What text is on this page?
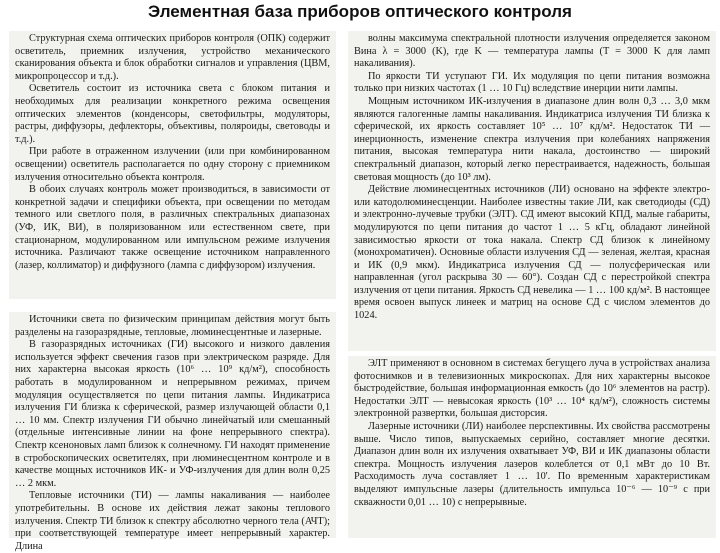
Элементная база приборов оптического контроля

Структурная схема оптических приборов контроля (ОПК) содержит осветитель, приемник излучения, устройство механического сканирования объекта и блок обработки сигналов и управления (ЦВМ, микропроцессор и т.д.).

Осветитель состоит из источника света с блоком питания и необходимых для реализации конкретного режима освещения оптических элементов (конденсоры, светофильтры, модуляторы, растры, диффузоры, дефлекторы, объективы, поляроиды, световоды и т.д.).

При работе в отраженном излучении (или при комбинированном освещении) осветитель располагается по одну сторону с приемником излучения относительно объекта контроля.

В обоих случаях контроль может производиться, в зависимости от конкретной задачи и специфики объекта, при освещении по методам темного или светлого поля, в различных спектральных диапазонах (УФ, ИК, ВИ), в поляризованном или естественном свете, при стационарном, модулированном или импульсном режиме излучения источника. Различают также освещение источником направленного (лазер, коллиматор) и диффузного (лампа с диффузором) излучения.

Источники света по физическим принципам действия могут быть разделены на газоразрядные, тепловые, люминесцентные и лазерные.

В газоразрядных источниках (ГИ) высокого и низкого давления используется эффект свечения газов при электрическом разряде. Для них характерна высокая яркость (10⁶ … 10⁹ кд/м²), способность работать в модулированном и непрерывном режимах, причем модуляция осуществляется по цепи питания лампы. Индикатриса излучения ГИ близка к сферической, размер излучающей области 0,1 … 10 мм. Спектр излучения ГИ обычно линейчатый или смешанный (отдельные интенсивные линии на фоне непрерывного спектра). Спектр ксеноновых ламп близок к солнечному. ГИ находят применение в стробоскопических осветителях, при люминесцентном контроле и в качестве мощных источников ИК- и УФ-излучения для длин волн 0,25 … 2 мкм.

Тепловые источники (ТИ) — лампы накаливания — наиболее употребительны. В основе их действия лежат законы теплового излучения. Спектр ТИ близок к спектру абсолютно черного тела (АЧТ); при соответствующей температуре имеет непрерывный характер. Длина

волны максимума спектральной плотности излучения определяется законом Вина λ = 3000 (K), где K — температура лампы (T = 3000 K для ламп накаливания).

По яркости ТИ уступают ГИ. Их модуляция по цепи питания возможна только при низких частотах (1 … 10 Гц) вследствие инерции нити лампы.

Мощным источником ИК-излучения в диапазоне длин волн 0,3 … 3,0 мкм являются галогенные лампы накаливания. Индикатриса излучения ТИ близка к сферической, их яркость составляет 10⁵ … 10⁷ кд/м². Недостаток ТИ — инерционность, изменение спектра излучения при колебаниях напряжения питания, высокая температура нити накала, достоинство — широкий спектральный диапазон, который легко перестраивается, надежность, большая световая мощность (до 10³ лм).

Действие люминесцентных источников (ЛИ) основано на эффекте электро- или катодолюминесценции. Наиболее известны такие ЛИ, как светодиоды (СД) и электронно-лучевые трубки (ЭЛТ). СД имеют высокий КПД, малые габариты, модулируются по цепи питания до частот 1 … 5 кГц, обладают линейной зависимостью яркости от тока накала. Спектр СД близок к линейному (монохроматичен). Основные области излучения СД — зеленая, желтая, красная и ИК (0,9 мкм). Индикатриса излучения СД — полусферическая или направленная (угол раскрыва 30 — 60°). Создан СД с перестройкой спектра излучения от цепи питания. Яркость СД невелика — 1 … 100 кд/м². В настоящее время освоен выпуск линеек и матриц на основе СД с числом элементов до 1024.

ЭЛТ применяют в основном в системах бегущего луча в устройствах анализа фотоснимков и в телевизионных микроскопах. Для них характерны высокое быстродействие, большая информационная емкость (до 10⁶ элементов на растр). Недостатки ЭЛТ — невысокая яркость (10³ … 10⁴ кд/м²), сложность системы электронной развертки, большая дисторсия.

Лазерные источники (ЛИ) наиболее перспективны. Их свойства рассмотрены выше. Число типов, выпускаемых серийно, составляет многие десятки. Диапазон длин волн их излучения охватывает УФ, ВИ и ИК диапазоны области спектра. Мощность излучения лазеров колеблется от 0,1 мВт до 10 Вт. Расходимость луча составляет 1 … 10'. По временным характеристикам выделяют импульсные лазеры (длительность импульса 10⁻⁶ — 10⁻⁹ с при скважности 0,01 … 10) с непрерывные.
